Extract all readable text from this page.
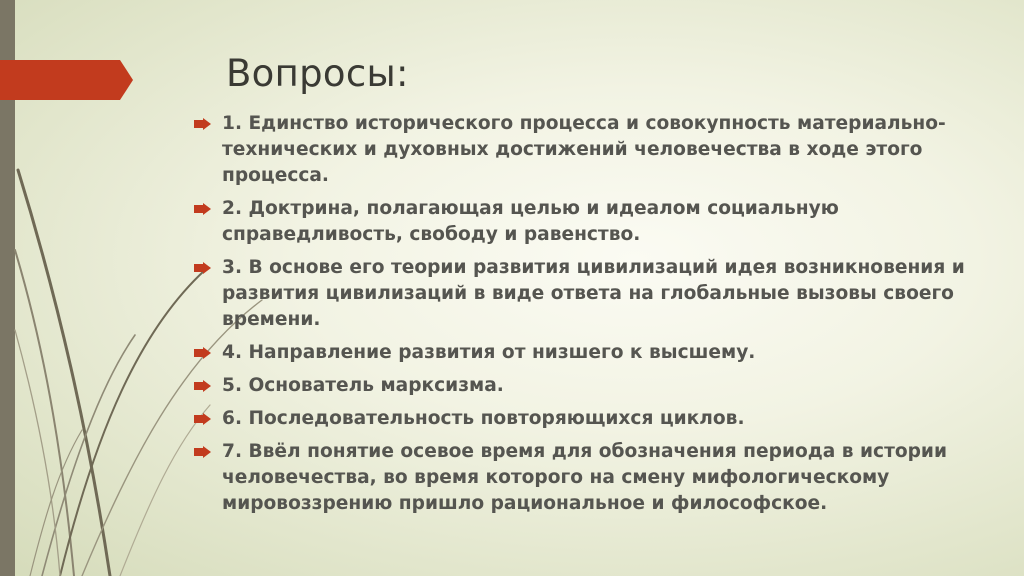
Вопросы:
1. Единство исторического процесса и совокупность материально-технических и духовных достижений человечества в ходе этого процесса.
2. Доктрина, полагающая целью и идеалом социальную справедливость, свободу и равенство.
3. В основе его теории развития цивилизаций идея возникновения и развития цивилизаций в виде ответа на глобальные вызовы своего времени.
4. Направление развития от низшего к высшему.
5. Основатель марксизма.
6. Последовательность повторяющихся циклов.
7. Ввёл понятие осевое время для обозначения периода в истории человечества, во время которого на смену мифологическому мировоззрению пришло рациональное и философское.
